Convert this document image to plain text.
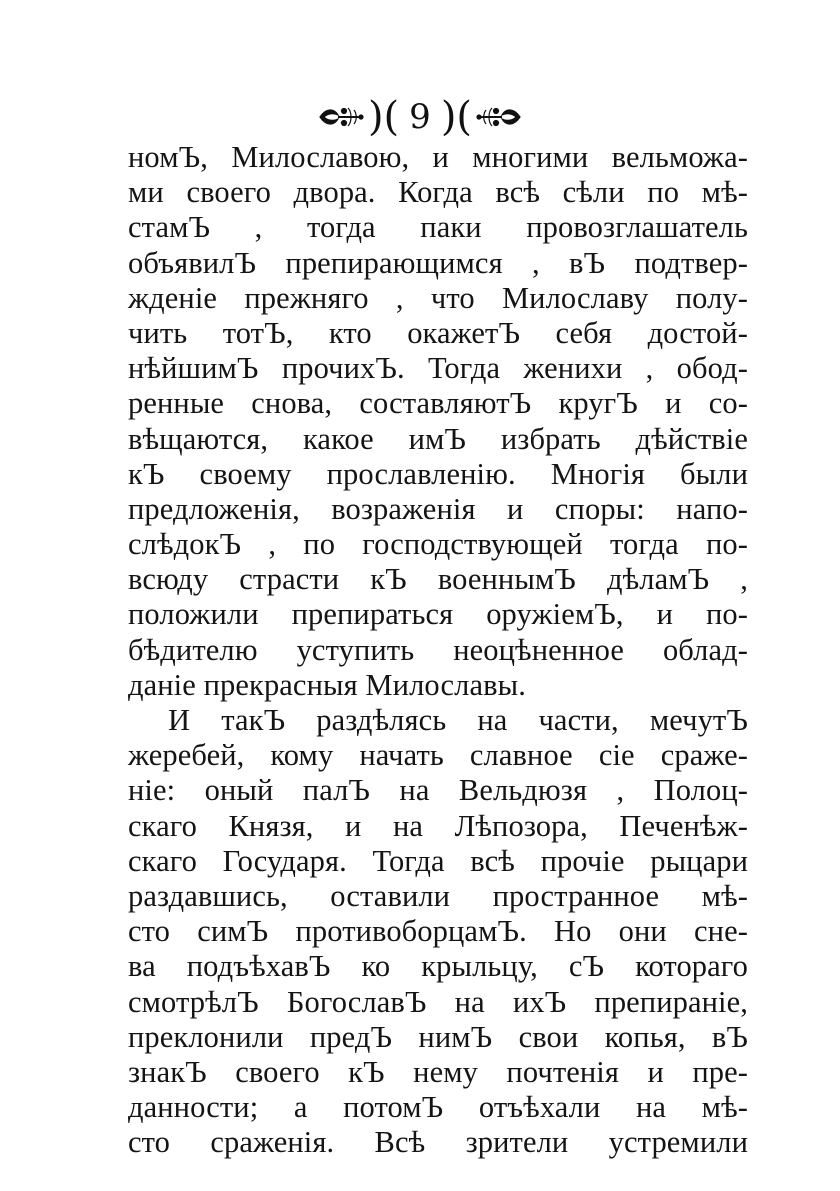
)( 9 )(
номЪ, Милославою, и многими вельможа-
ми своего двора. Когда всѣ сѣли по мѣ-
стамЪ , тогда паки провозглашатель
объявилЪ препирающимся , вЪ подтвер-
жденіе прежняго , что Милославу полу-
чить тотЪ, кто окажетЪ себя достой-
нѣйшимЪ прочихЪ. Тогда женихи , обод-
ренные снова, составляютЪ кругЪ и со-
вѣщаются, какое имЪ избрать дѣйствіе
кЪ своему прославленію. Многія были
предложенія, возраженія и споры: напо-
слѣдокЪ , по господствующей тогда по-
всюду страсти кЪ военнымЪ дѣламЪ ,
положили препираться оружіемЪ, и по-
бѣдителю уступить неоцѣненное облад-
даніе прекрасныя Милославы.
И такЪ раздѣлясь на части, мечутЪ
жеребей, кому начать славное сіе сраже-
ніе: оный палЪ на Вельдюзя , Полоц-
скаго Князя, и на Лѣпозора, Печенѣж-
скаго Государя. Тогда всѣ прочіе рыцари
раздавшись, оставили пространное мѣ-
сто симЪ противоборцамЪ. Но они сне-
ва подъѣхавЪ ко крыльцу, сЪ котораго
смотрѣлЪ БогославЪ на ихЪ препираніе,
преклонили предЪ нимЪ свои копья, вЪ
знакЪ своего кЪ нему почтенія и пре-
данности; а потомЪ отъѣхали на мѣ-
сто сраженія. Всѣ зрители устремили
